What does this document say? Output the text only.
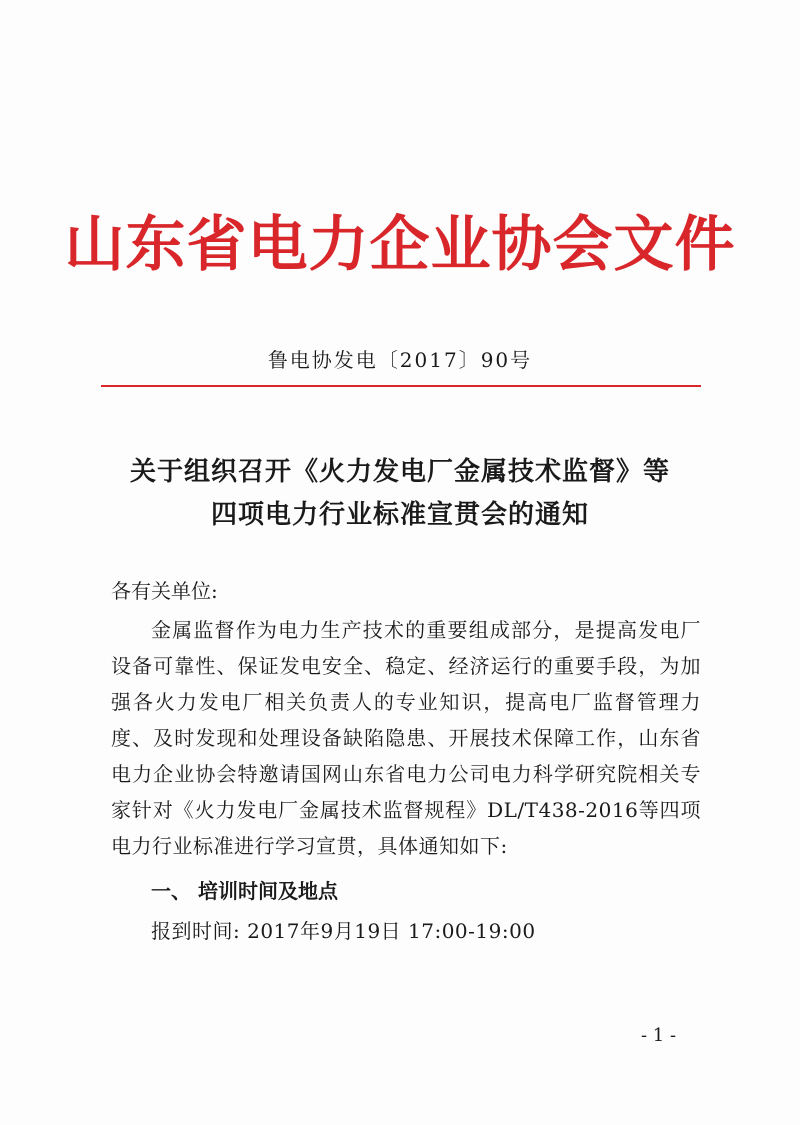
山东省电力企业协会文件
鲁电协发电〔2017〕90号
关于组织召开《火力发电厂金属技术监督》等
四项电力行业标准宣贯会的通知
各有关单位:
金属监督作为电力生产技术的重要组成部分，是提高发电厂设备可靠性、保证发电安全、稳定、经济运行的重要手段，为加强各火力发电厂相关负责人的专业知识，提高电厂监督管理力度、及时发现和处理设备缺陷隐患、开展技术保障工作，山东省电力企业协会特邀请国网山东省电力公司电力科学研究院相关专家针对《火力发电厂金属技术监督规程》DL/T438-2016等四项电力行业标准进行学习宣贯，具体通知如下:
一、 培训时间及地点
报到时间: 2017年9月19日 17:00-19:00
- 1 -
